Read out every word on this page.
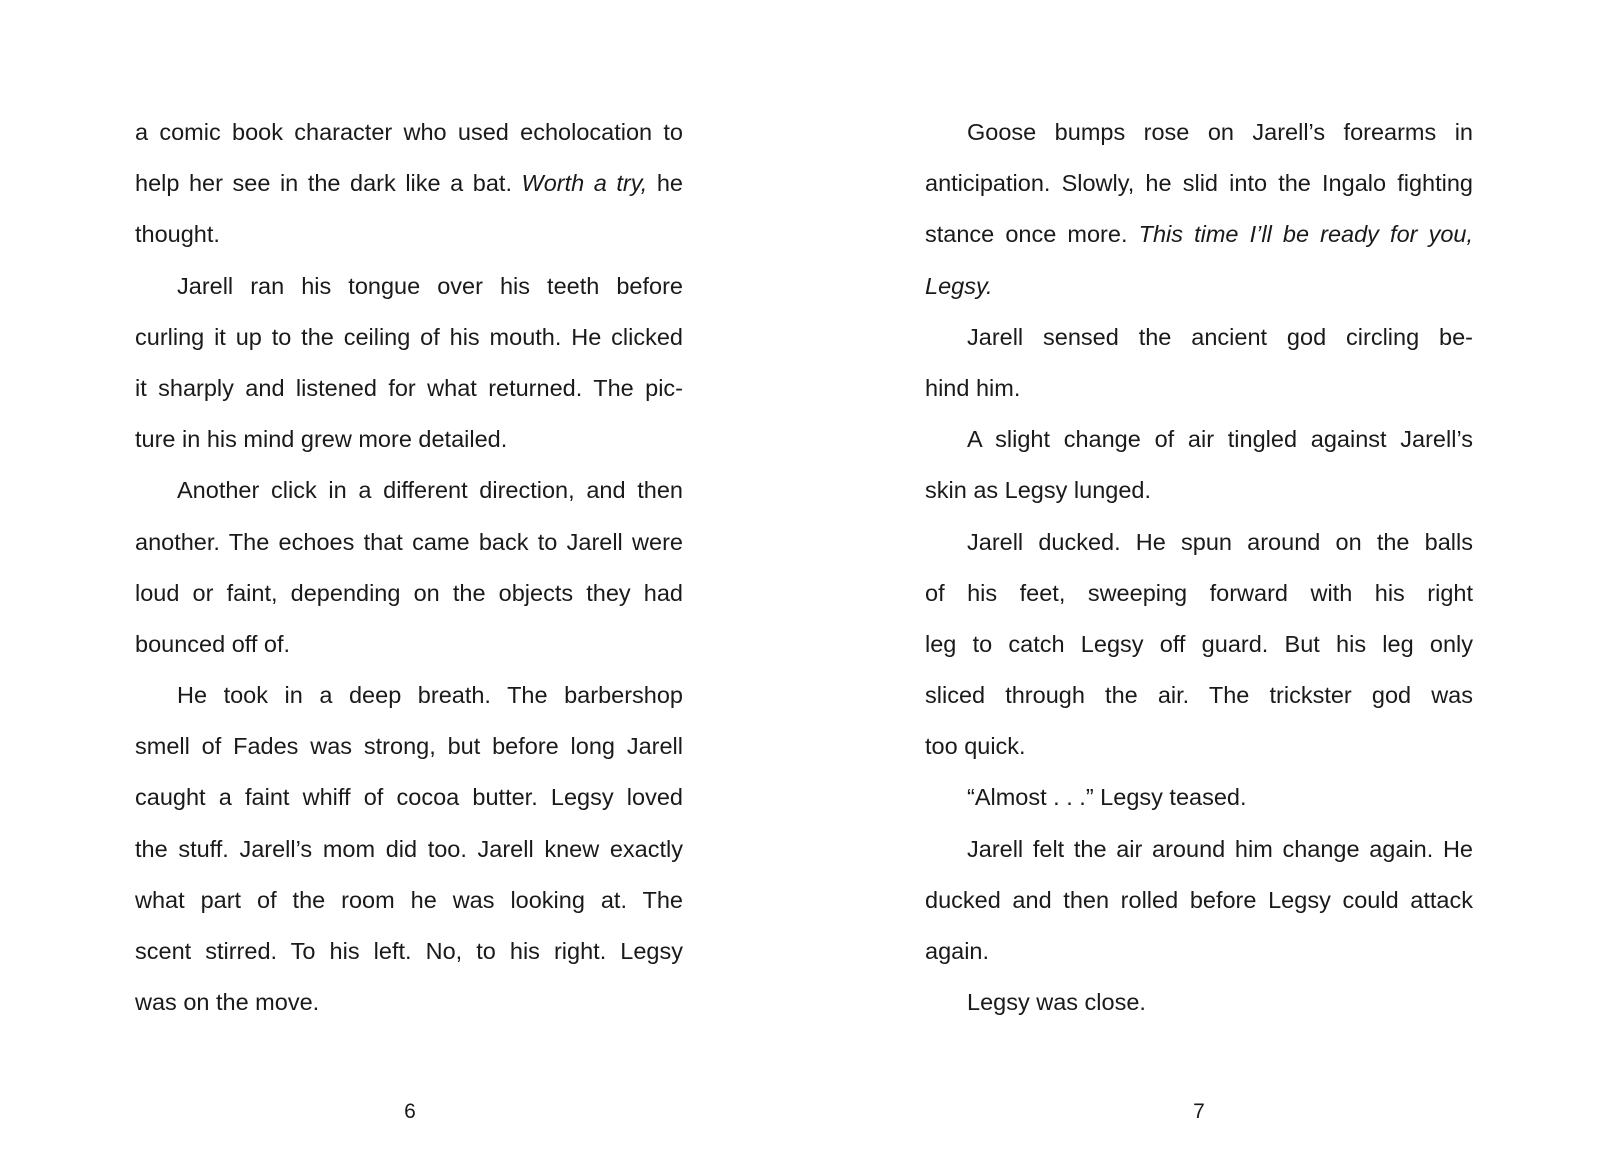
a comic book character who used echolocation to
help her see in the dark like a bat. Worth a try, he
thought.
Jarell ran his tongue over his teeth before
curling it up to the ceiling of his mouth. He clicked
it sharply and listened for what returned. The pic-
ture in his mind grew more detailed.
Another click in a different direction, and then
another. The echoes that came back to Jarell were
loud or faint, depending on the objects they had
bounced off of.
He took in a deep breath. The barbershop
smell of Fades was strong, but before long Jarell
caught a faint whiff of cocoa butter. Legsy loved
the stuff. Jarell’s mom did too. Jarell knew exactly
what part of the room he was looking at. The
scent stirred. To his left. No, to his right. Legsy
was on the move.
Goose bumps rose on Jarell’s forearms in
anticipation. Slowly, he slid into the Ingalo fighting
stance once more. This time I’ll be ready for you,
Legsy.
Jarell sensed the ancient god circling be-
hind him.
A slight change of air tingled against Jarell’s
skin as Legsy lunged.
Jarell ducked. He spun around on the balls
of his feet, sweeping forward with his right
leg to catch Legsy off guard. But his leg only
sliced through the air. The trickster god was
too quick.
“Almost . . .” Legsy teased.
Jarell felt the air around him change again. He
ducked and then rolled before Legsy could attack
again.
Legsy was close.
6	7
